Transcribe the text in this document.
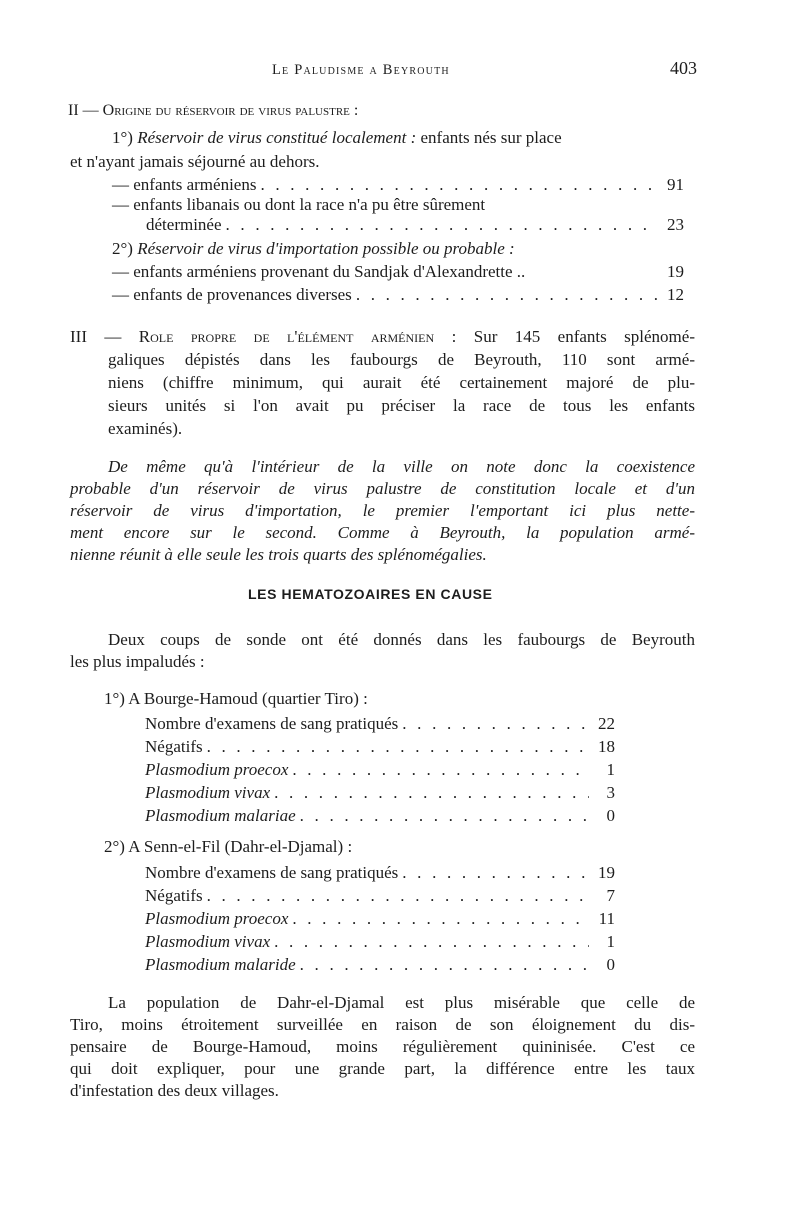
Le Paludisme a Beyrouth	403
II — Origine du réservoir de virus palustre :
1°) Réservoir de virus constitué localement : enfants nés sur place
et n'ayant jamais séjourné au dehors.
— enfants arméniens . . .	91
— enfants libanais ou dont la race n'a pu être sûrement
déterminée . . .	23
2°) Réservoir de virus d'importation possible ou probable :
— enfants arméniens provenant du Sandjak d'Alexandrette ..	19
— enfants de provenances diverses . . .	12
III — Role propre de l'élément arménien : Sur 145 enfants splénomé-
galiques dépistés dans les faubourgs de Beyrouth, 110 sont armé-
niens (chiffre minimum, qui aurait été certainement majoré de plu-
sieurs unités si l'on avait pu préciser la race de tous les enfants
examinés).
De même qu'à l'intérieur de la ville on note donc la coexistence
probable d'un réservoir de virus palustre de constitution locale et d'un
réservoir de virus d'importation, le premier l'emportant ici plus nette-
ment encore sur le second. Comme à Beyrouth, la population armé-
nienne réunit à elle seule les trois quarts des splénomégalies.
LES HEMATOZOAIRES EN CAUSE
Deux coups de sonde ont été donnés dans les faubourgs de Beyrouth
les plus impaludés :
1°) A Bourge-Hamoud (quartier Tiro) :
Nombre d'examens de sang pratiqués . . .	22
Négatifs . . .	18
Plasmodium proecox . . .	1
Plasmodium vivax . . .	3
Plasmodium malariae . . .	0
2°) A Senn-el-Fil (Dahr-el-Djamal) :
Nombre d'examens de sang pratiqués . . .	19
Négatifs . . .	7
Plasmodium proecox . . .	11
Plasmodium vivax . . .	1
Plasmodium malaride . . .	0
La population de Dahr-el-Djamal est plus misérable que celle de
Tiro, moins étroitement surveillée en raison de son éloignement du dis-
pensaire de Bourge-Hamoud, moins régulièrement quininisée. C'est ce
qui doit expliquer, pour une grande part, la différence entre les taux
d'infestation des deux villages.
